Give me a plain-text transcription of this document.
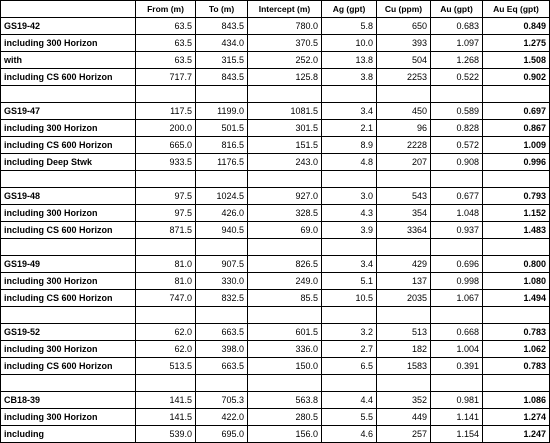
	From (m)	To (m)	Intercept (m)	Ag (gpt)	Cu (ppm)	Au (gpt)	Au Eq (gpt)
GS19-42	63.5	843.5	780.0	5.8	650	0.683	0.849
including 300 Horizon	63.5	434.0	370.5	10.0	393	1.097	1.275
with	63.5	315.5	252.0	13.8	504	1.268	1.508
including CS 600 Horizon	717.7	843.5	125.8	3.8	2253	0.522	0.902

GS19-47	117.5	1199.0	1081.5	3.4	450	0.589	0.697
including 300 Horizon	200.0	501.5	301.5	2.1	96	0.828	0.867
including CS 600 Horizon	665.0	816.5	151.5	8.9	2228	0.572	1.009
including Deep Stwk	933.5	1176.5	243.0	4.8	207	0.908	0.996

GS19-48	97.5	1024.5	927.0	3.0	543	0.677	0.793
including 300 Horizon	97.5	426.0	328.5	4.3	354	1.048	1.152
including CS 600 Horizon	871.5	940.5	69.0	3.9	3364	0.937	1.483

GS19-49	81.0	907.5	826.5	3.4	429	0.696	0.800
including 300 Horizon	81.0	330.0	249.0	5.1	137	0.998	1.080
including CS 600 Horizon	747.0	832.5	85.5	10.5	2035	1.067	1.494

GS19-52	62.0	663.5	601.5	3.2	513	0.668	0.783
including 300 Horizon	62.0	398.0	336.0	2.7	182	1.004	1.062
including CS 600 Horizon	513.5	663.5	150.0	6.5	1583	0.391	0.783

CB18-39	141.5	705.3	563.8	4.4	352	0.981	1.086
including 300 Horizon	141.5	422.0	280.5	5.5	449	1.141	1.274
including	539.0	695.0	156.0	4.6	257	1.154	1.247
